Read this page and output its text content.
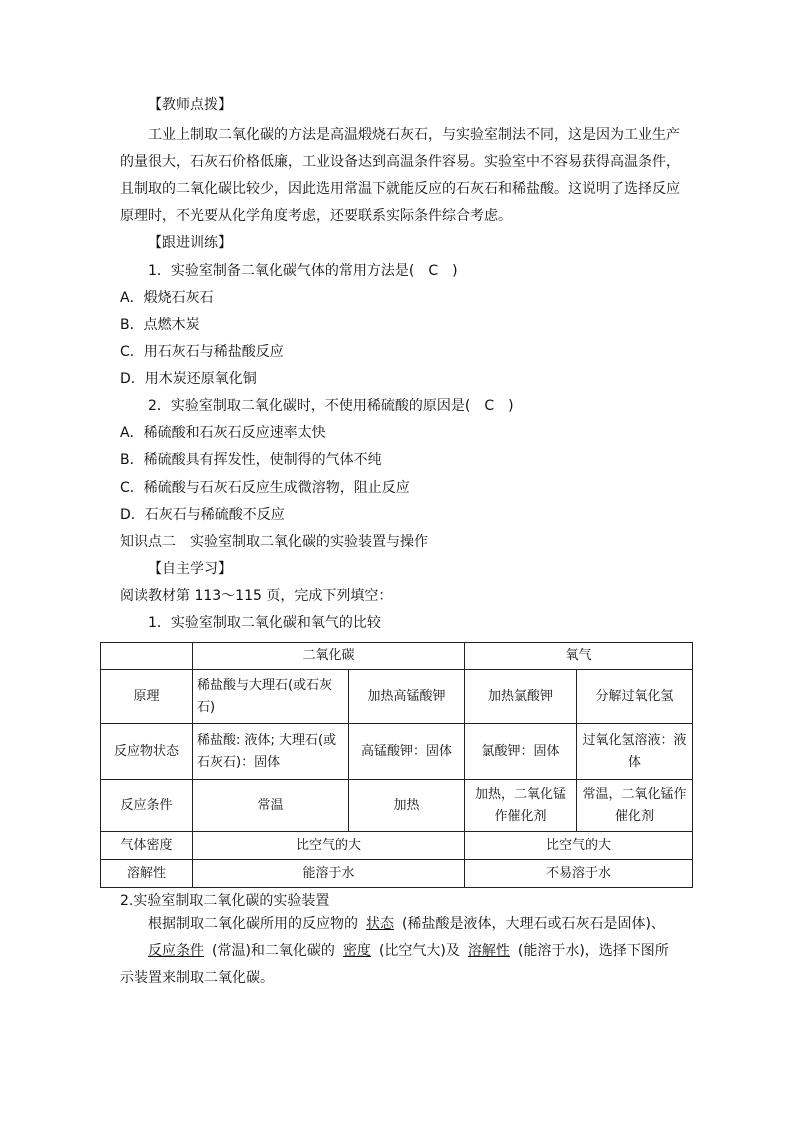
【教师点拨】
工业上制取二氧化碳的方法是高温煅烧石灰石，与实验室制法不同，这是因为工业生产
的量很大，石灰石价格低廉，工业设备达到高温条件容易。实验室中不容易获得高温条件，
且制取的二氧化碳比较少，因此选用常温下就能反应的石灰石和稀盐酸。这说明了选择反应
原理时，不光要从化学角度考虑，还要联系实际条件综合考虑。
【跟进训练】
1．实验室制备二氧化碳气体的常用方法是(　C　)
A．煅烧石灰石
B．点燃木炭
C．用石灰石与稀盐酸反应
D．用木炭还原氧化铜
2．实验室制取二氧化碳时，不使用稀硫酸的原因是(　C　)
A．稀硫酸和石灰石反应速率太快
B．稀硫酸具有挥发性，使制得的气体不纯
C．稀硫酸与石灰石反应生成微溶物，阻止反应
D．石灰石与稀硫酸不反应
知识点二　实验室制取二氧化碳的实验装置与操作
【自主学习】
阅读教材第 113～115 页，完成下列填空：
1．实验室制取二氧化碳和氧气的比较
	二氧化碳		氧气	
原理	稀盐酸与大理石(或石灰石)	加热高锰酸钾	加热氯酸钾	分解过氧化氢
反应物状态	稀盐酸: 液体; 大理石(或石灰石)：固体	高锰酸钾：固体	氯酸钾：固体	过氧化氢溶液：液体
反应条件	常温	加热	加热，二氧化锰作催化剂	常温，二氧化锰作催化剂
气体密度	比空气的大		比空气的大	
溶解性	能溶于水		不易溶于水	
2.实验室制取二氧化碳的实验装置
根据制取二氧化碳所用的反应物的 状态 (稀盐酸是液体，大理石或石灰石是固体)、
反应条件 (常温)和二氧化碳的 密度 (比空气大)及 溶解性 (能溶于水)，选择下图所
示装置来制取二氧化碳。
